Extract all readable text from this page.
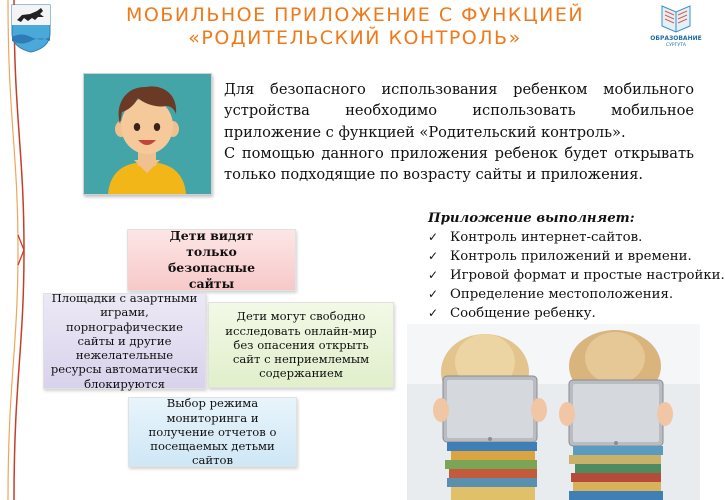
МОБИЛЬНОЕ ПРИЛОЖЕНИЕ С ФУНКЦИЕЙ
«РОДИТЕЛЬСКИЙ КОНТРОЛЬ»	ОБРАЗОВАНИЕ
СУРГУТА

Для безопасного использования ребенком мобильного устройства необходимо использовать мобильное приложение с функцией «Родительский контроль».

С помощью данного приложения ребенок будет открывать только подходящие по возрасту сайты и приложения.

Приложение выполняет:
✓ Контроль интернет-сайтов.
✓ Контроль приложений и времени.
✓ Игровой формат и простые настройки.
✓ Определение местоположения.
✓ Сообщение ребенку.
Дети видят только безопасные сайты
Площадки с азартными играми, порнографические сайты и другие нежелательные ресурсы автоматически блокируются
Дети могут свободно исследовать онлайн-мир без опасения открыть сайт с неприемлемым содержанием
Выбор режима мониторинга и получение отчетов о посещаемых детьми сайтов
